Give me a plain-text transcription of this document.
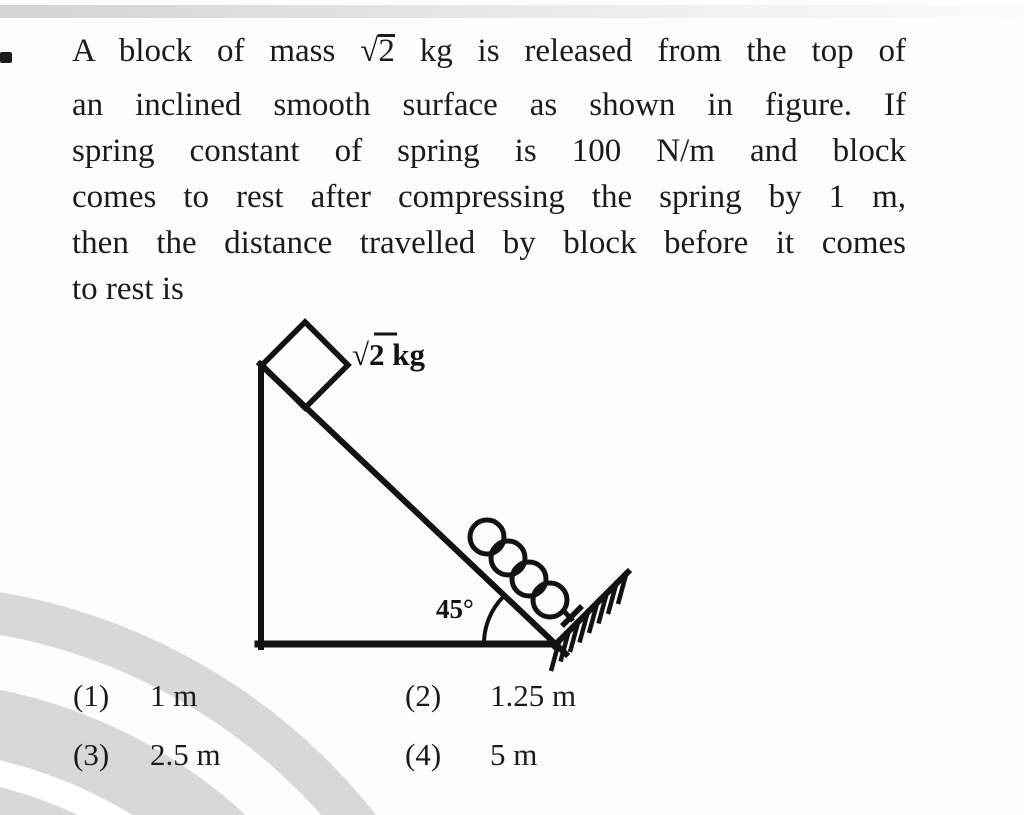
√2 kg
45°
A block of mass √2 kg is released from the top of
an inclined smooth surface as shown in figure. If
spring constant of spring is 100 N/m and block
comes to rest after compressing the spring by 1 m,
then the distance travelled by block before it comes
to rest is
(1) 1 m	(2) 1.25 m
(3) 2.5 m	(4) 5 m
